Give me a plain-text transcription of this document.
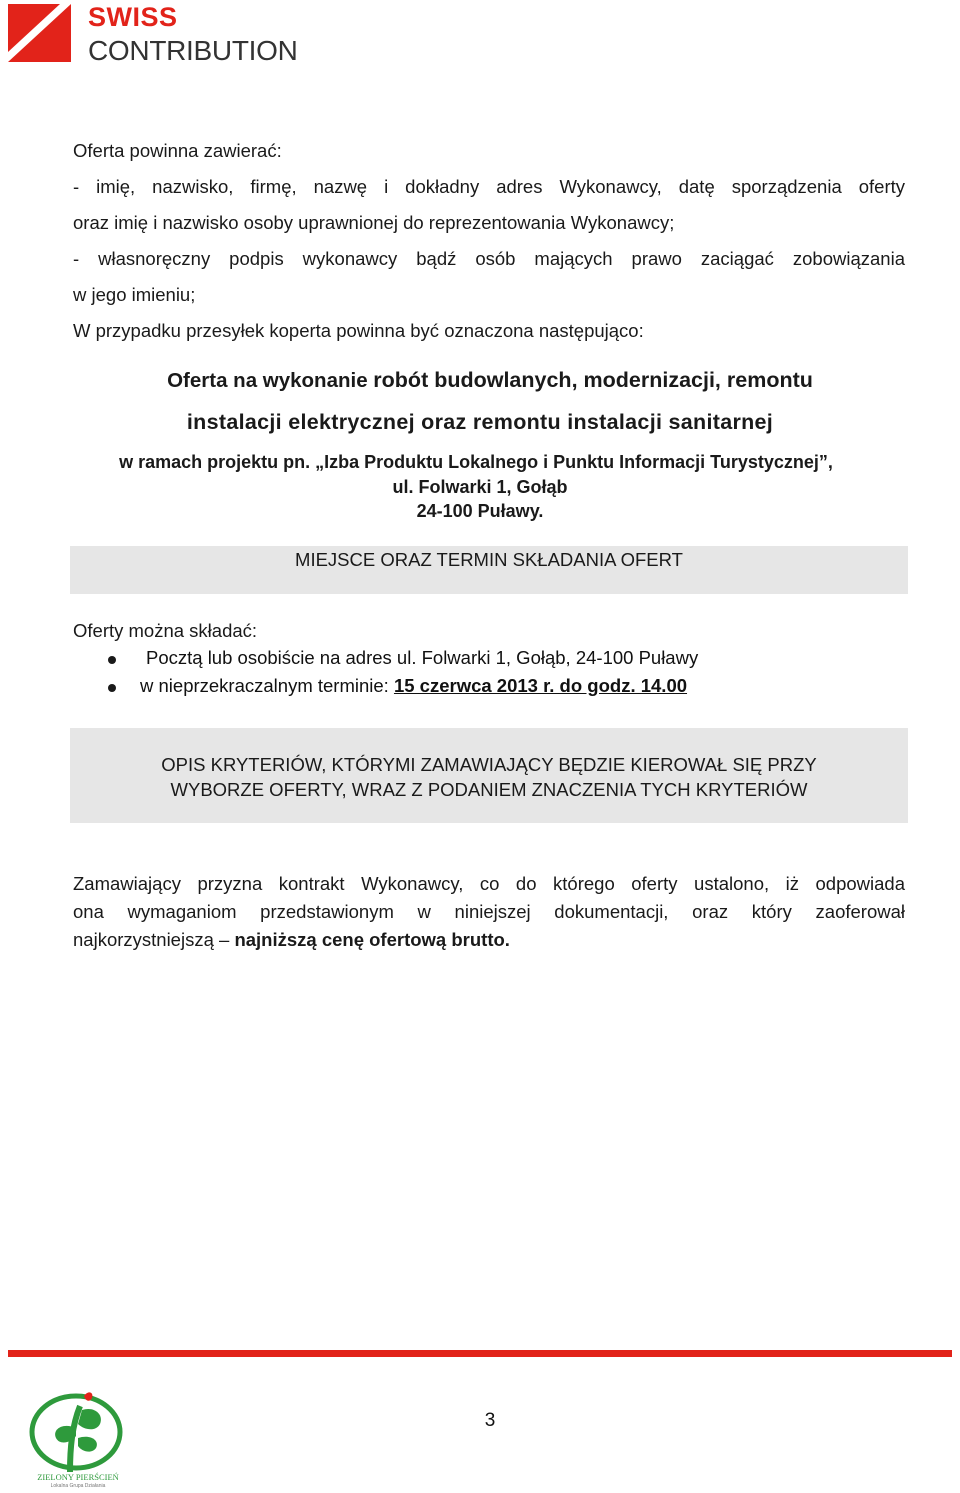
SWISS
CONTRIBUTION
Oferta powinna zawierać:
- imię, nazwisko, firmę, nazwę i dokładny adres Wykonawcy, datę sporządzenia oferty
oraz imię i nazwisko osoby uprawnionej do reprezentowania Wykonawcy;
- własnoręczny podpis wykonawcy bądź osób mających prawo zaciągać zobowiązania
w jego imieniu;
W przypadku przesyłek koperta powinna być oznaczona następująco:
Oferta na wykonanie robót budowlanych, modernizacji, remontu
instalacji elektrycznej oraz remontu instalacji sanitarnej
w ramach projektu pn. „Izba Produktu Lokalnego i Punktu Informacji Turystycznej”,
ul. Folwarki 1, Gołąb
24-100 Puławy.
MIEJSCE ORAZ TERMIN SKŁADANIA OFERT
Oferty można składać:
Pocztą lub osobiście na adres ul. Folwarki 1, Gołąb, 24-100 Puławy
w nieprzekraczalnym terminie: 15 czerwca 2013 r. do godz. 14.00
OPIS KRYTERIÓW, KTÓRYMI ZAMAWIAJĄCY BĘDZIE KIEROWAŁ SIĘ PRZY
WYBORZE OFERTY, WRAZ Z PODANIEM ZNACZENIA TYCH KRYTERIÓW
Zamawiający przyzna kontrakt Wykonawcy, co do którego oferty ustalono, iż odpowiada
ona wymaganiom przedstawionym w niniejszej dokumentacji, oraz który zaoferował
najkorzystniejszą – najniższą cenę ofertową brutto.
ZIELONY PIERŚCIEŃ
Lokalna Grupa Działania
3
